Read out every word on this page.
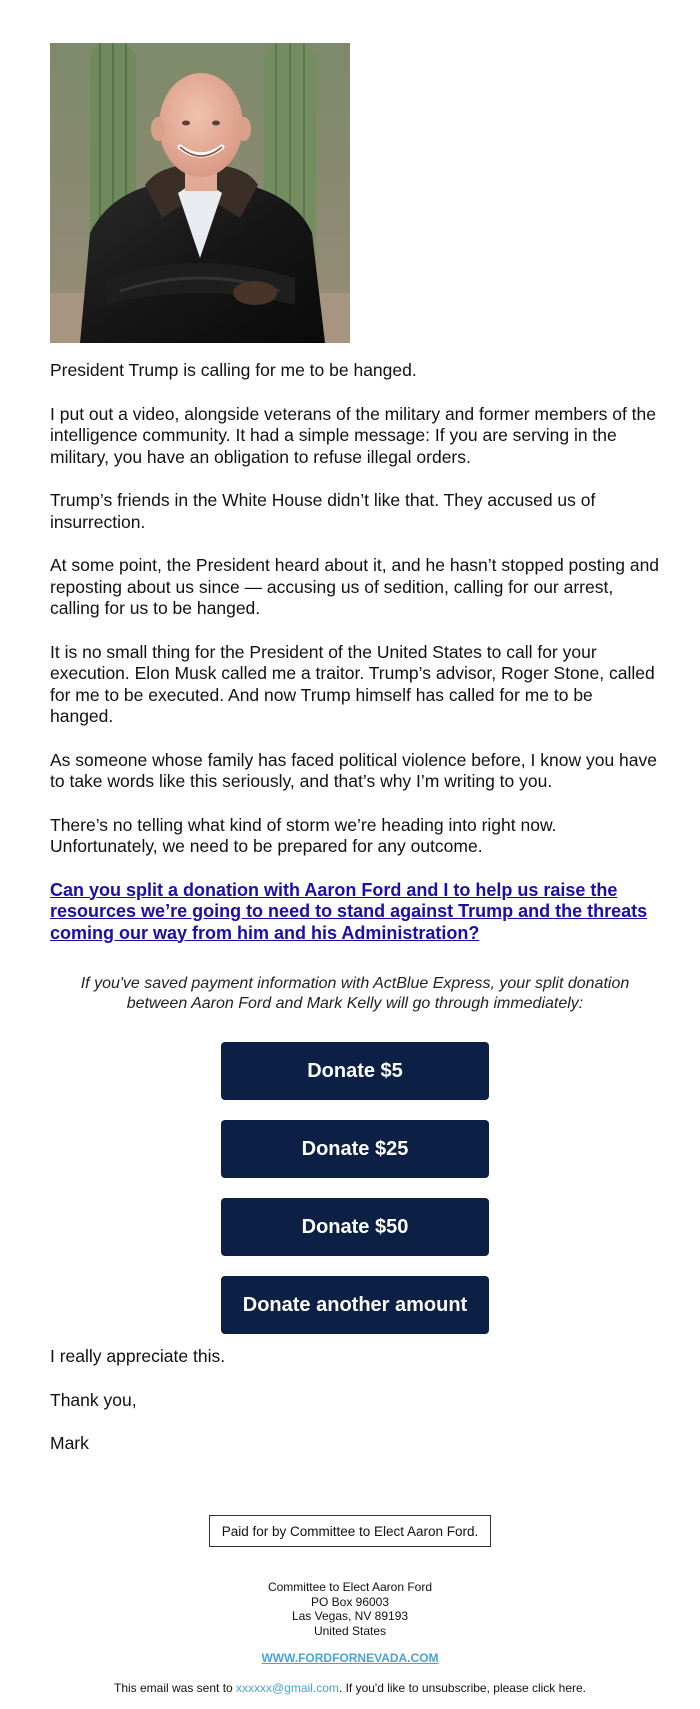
President Trump is calling for me to be hanged.

I put out a video, alongside veterans of the military and former members of the intelligence community. It had a simple message: If you are serving in the military, you have an obligation to refuse illegal orders.

Trump’s friends in the White House didn’t like that. They accused us of insurrection.

At some point, the President heard about it, and he hasn’t stopped posting and reposting about us since — accusing us of sedition, calling for our arrest, calling for us to be hanged.

It is no small thing for the President of the United States to call for your execution. Elon Musk called me a traitor. Trump’s advisor, Roger Stone, called for me to be executed. And now Trump himself has called for me to be hanged.

As someone whose family has faced political violence before, I know you have to take words like this seriously, and that’s why I’m writing to you.

There’s no telling what kind of storm we’re heading into right now. Unfortunately, we need to be prepared for any outcome.

Can you split a donation with Aaron Ford and I to help us raise the resources we’re going to need to stand against Trump and the threats coming our way from him and his Administration?
If you've saved payment information with ActBlue Express, your split donation between Aaron Ford and Mark Kelly will go through immediately:
Donate $5
Donate $25
Donate $50
Donate another amount

I really appreciate this.

Thank you,

Mark

Paid for by Committee to Elect Aaron Ford.
Committee to Elect Aaron Ford
PO Box 96003
Las Vegas, NV 89193
United States
WWW.FORDFORNEVADA.COM
This email was sent to xxxxxx@gmail.com. If you'd like to unsubscribe, please click here.
